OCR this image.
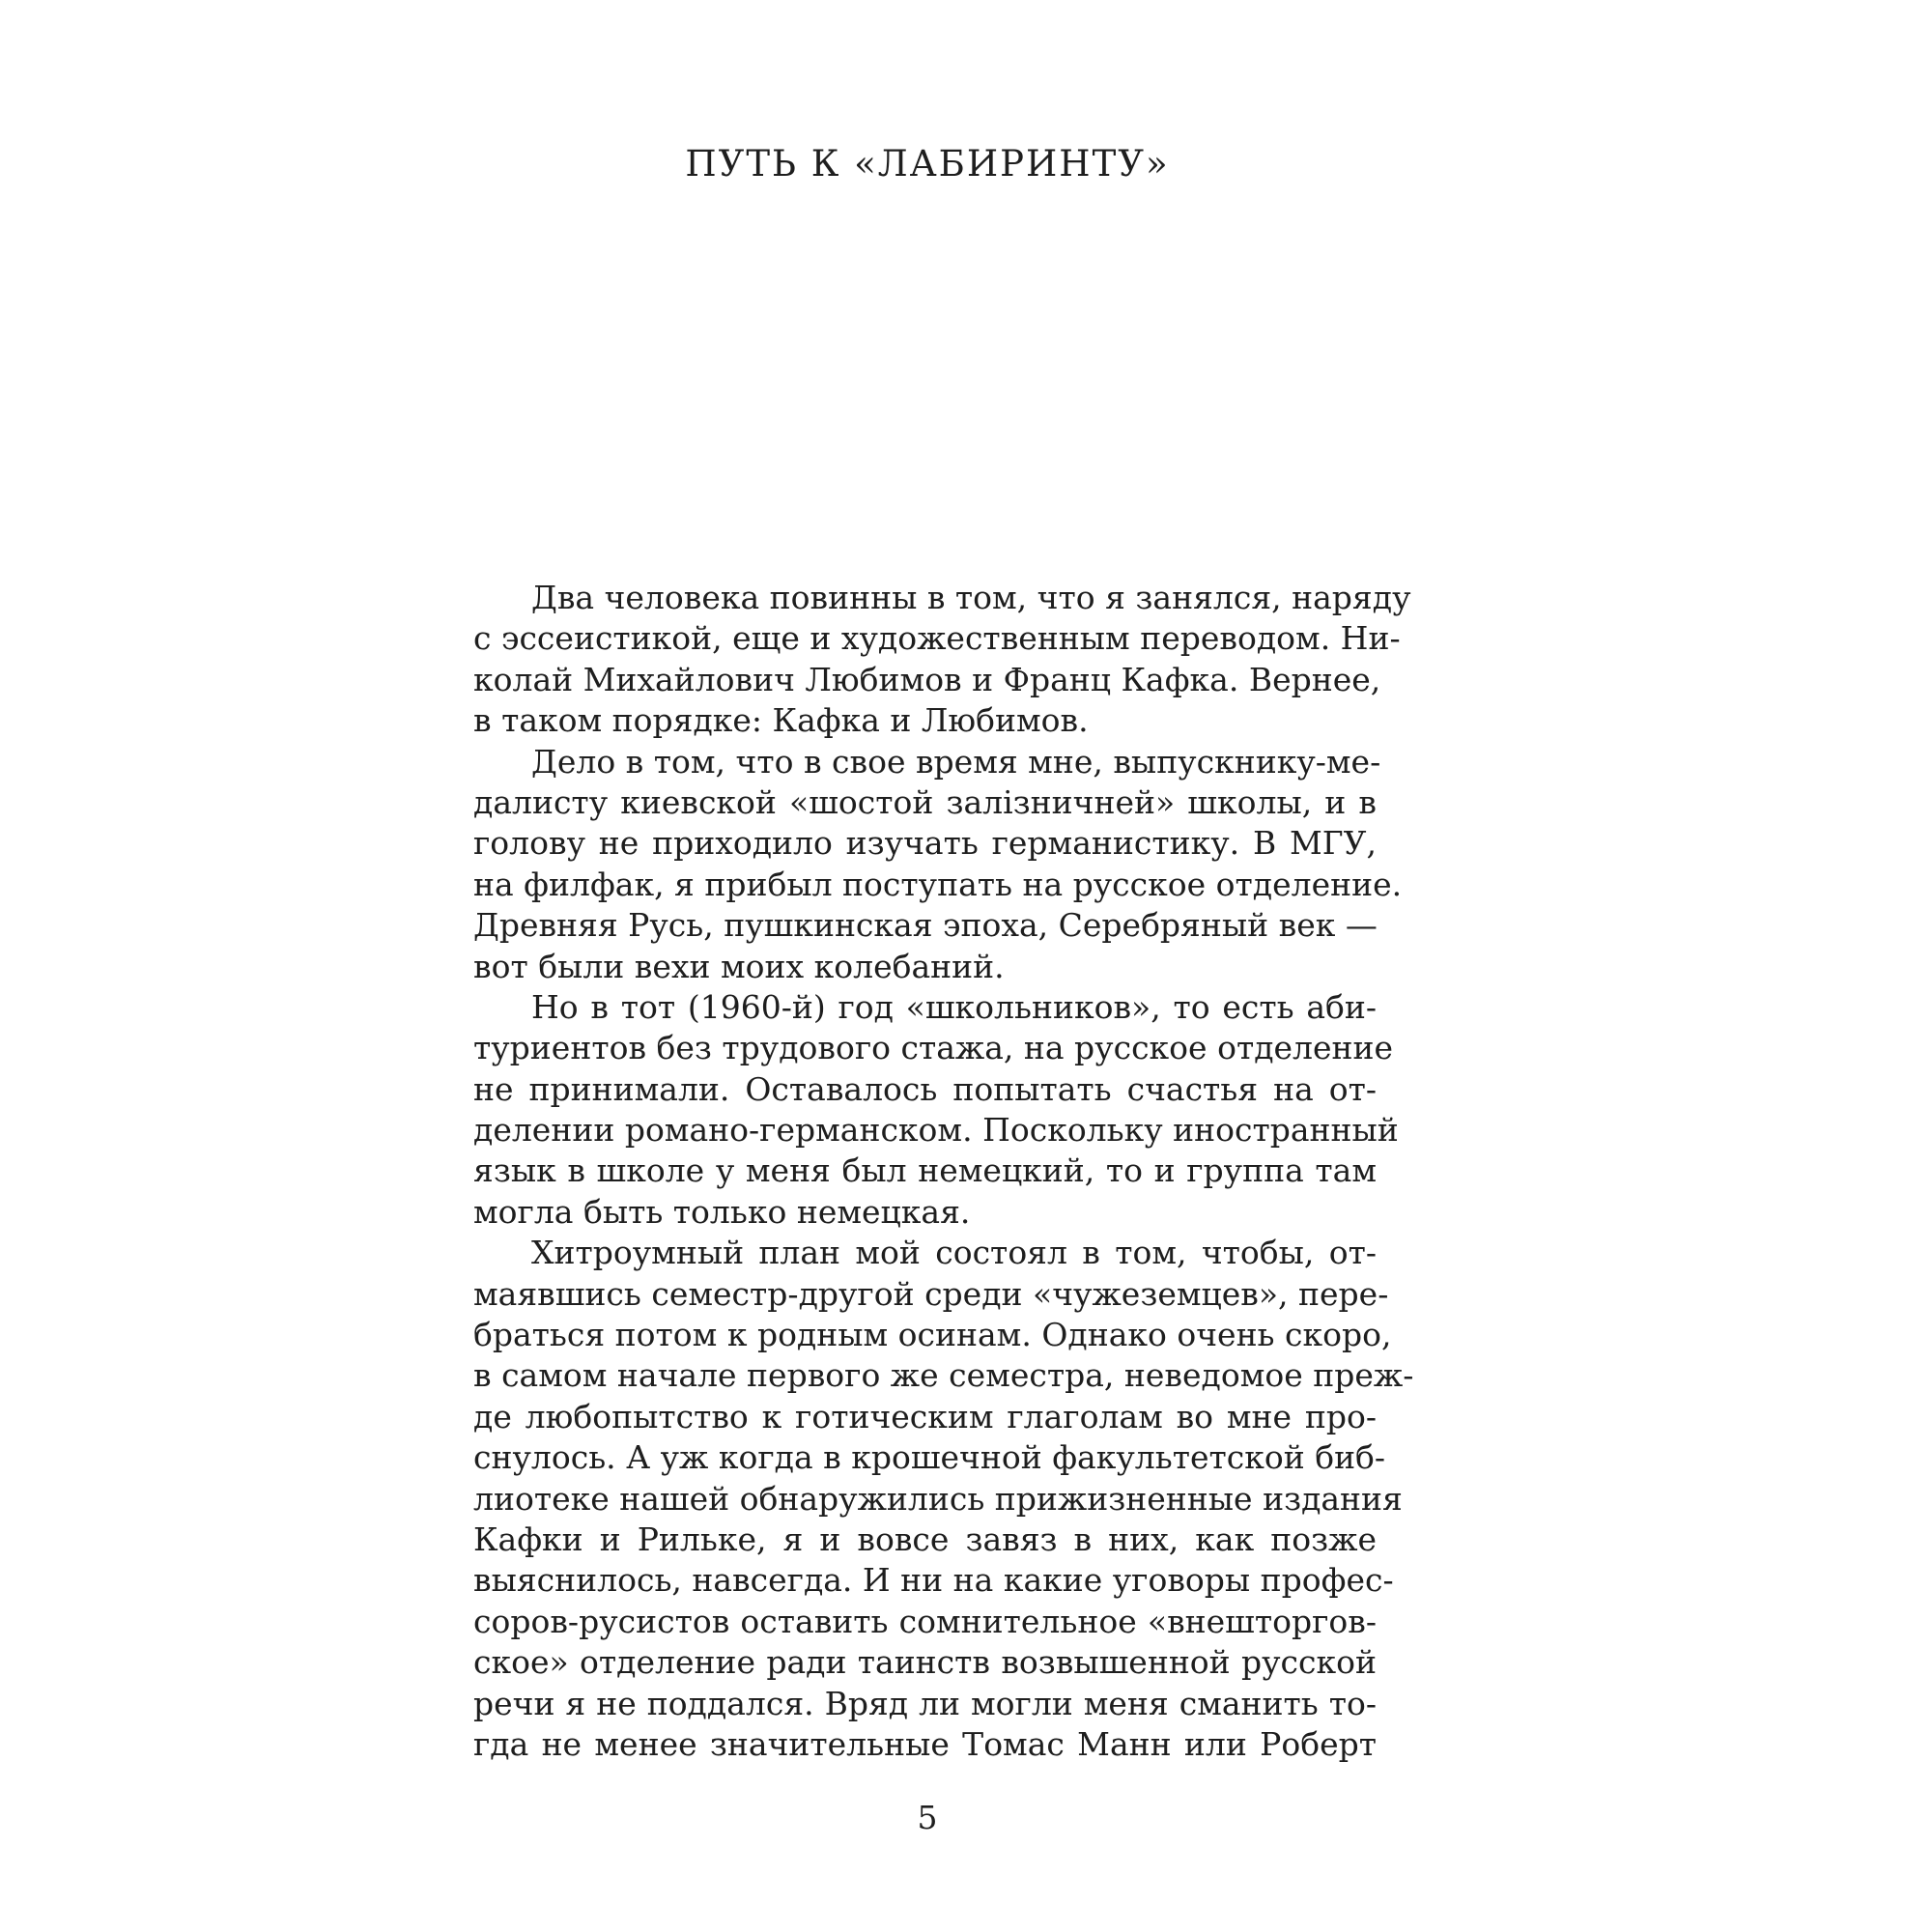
ПУТЬ К «ЛАБИРИНТУ»

Два человека повинны в том, что я занялся, наряду
с эссеистикой, еще и художественным переводом. Ни-
колай Михайлович Любимов и Франц Кафка. Вернее,
в таком порядке: Кафка и Любимов.

Дело в том, что в свое время мне, выпускнику-ме-
далисту киевской «шостой залiзничней» школы, и в
голову не приходило изучать германистику. В МГУ,
на филфак, я прибыл поступать на русское отделение.
Древняя Русь, пушкинская эпоха, Серебряный век —
вот были вехи моих колебаний.

Но в тот (1960-й) год «школьников», то есть аби-
туриентов без трудового стажа, на русское отделение
не принимали. Оставалось попытать счастья на от-
делении романо-германском. Поскольку иностранный
язык в школе у меня был немецкий, то и группа там
могла быть только немецкая.

Хитроумный план мой состоял в том, чтобы, от-
маявшись семестр-другой среди «чужеземцев», пере-
браться потом к родным осинам. Однако очень скоро,
в самом начале первого же семестра, неведомое преж-
де любопытство к готическим глаголам во мне про-
снулось. А уж когда в крошечной факультетской биб-
лиотеке нашей обнаружились прижизненные издания
Кафки и Рильке, я и вовсе завяз в них, как позже
выяснилось, навсегда. И ни на какие уговоры профес-
соров-русистов оставить сомнительное «внешторгов-
ское» отделение ради таинств возвышенной русской
речи я не поддался. Вряд ли могли меня сманить то-
гда не менее значительные Томас Манн или Роберт

5
